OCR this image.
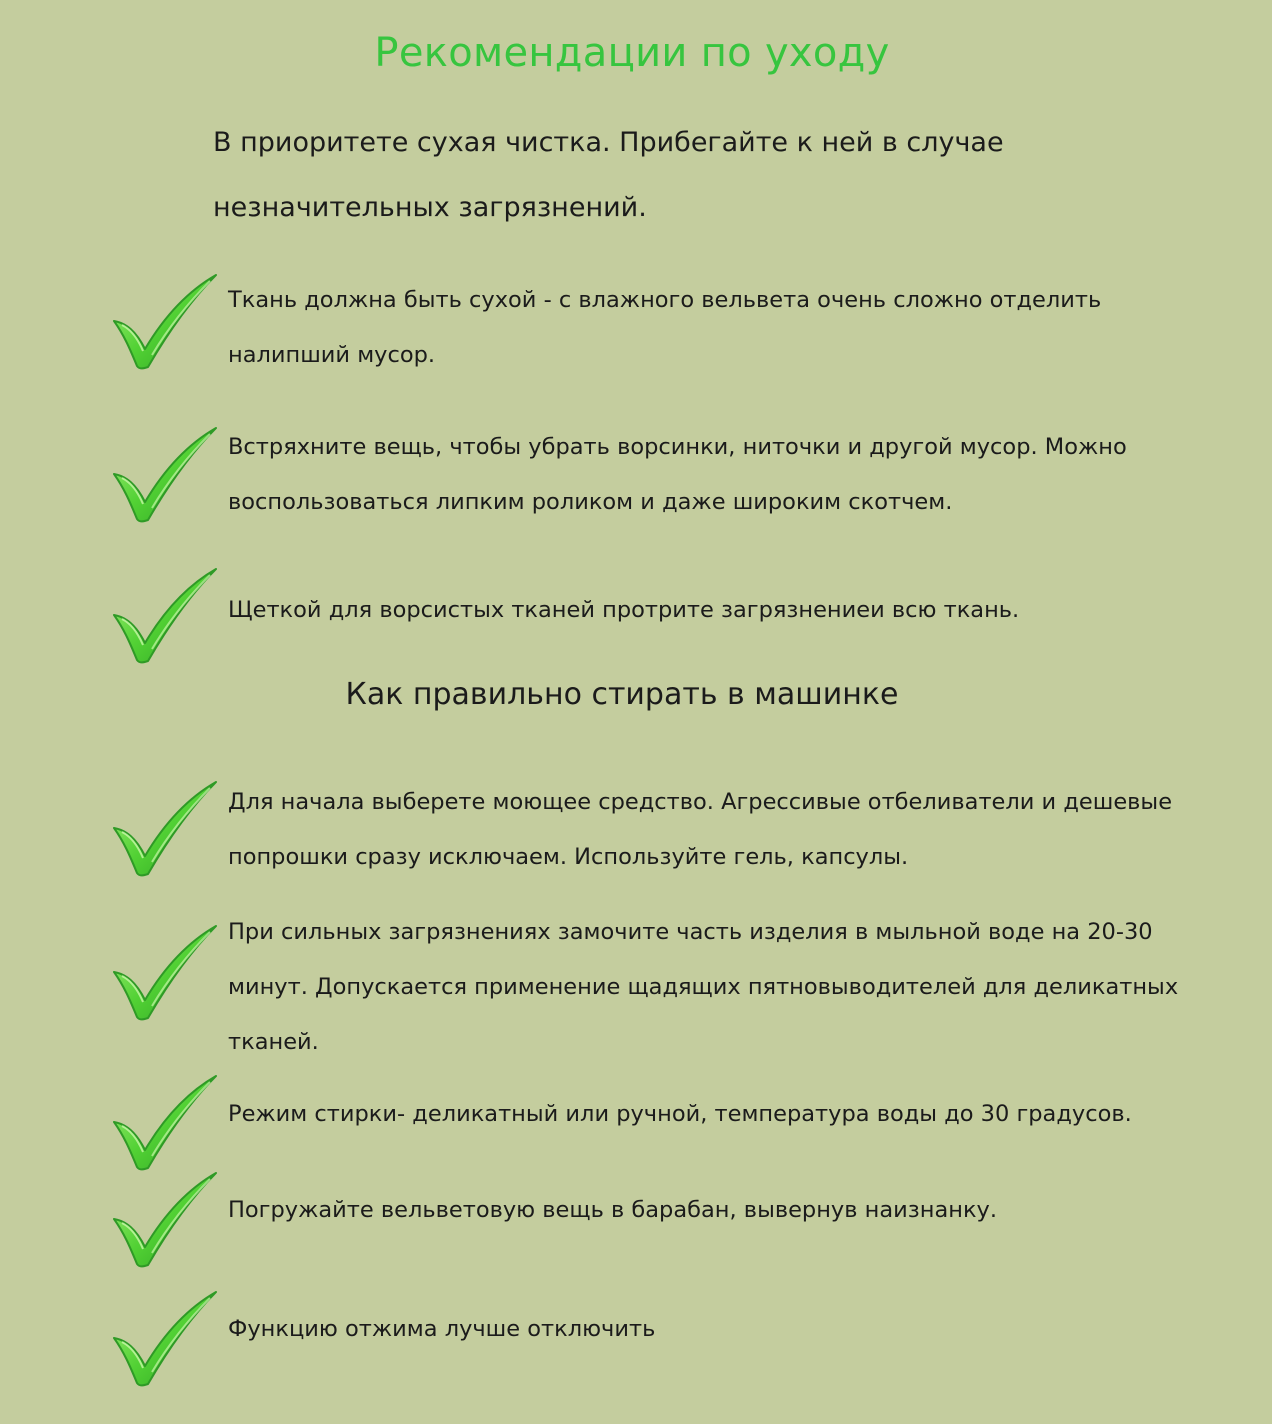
Рекомендации по уходу

В приоритете сухая чистка. Прибегайте к ней в случае незначительных загрязнений.

Ткань должна быть сухой - с влажного вельвета очень сложно отделить налипший мусор.

Встряхните вещь, чтобы убрать ворсинки, ниточки и другой мусор. Можно воспользоваться липким роликом и даже широким скотчем.

Щеткой для ворсистых тканей протрите загрязнениеи всю ткань.

Как правильно стирать в машинке

Для начала выберете моющее средство. Агрессивые отбеливатели и дешевые попрошки сразу исключаем. Используйте гель, капсулы.

При сильных загрязнениях замочите часть изделия в мыльной воде на 20-30 минут. Допускается применение щадящих пятновыводителей для деликатных тканей.

Режим стирки- деликатный или ручной, температура воды до 30 градусов.

Погружайте вельветовую вещь в барабан, вывернув наизнанку.

Функцию отжима лучше отключить
